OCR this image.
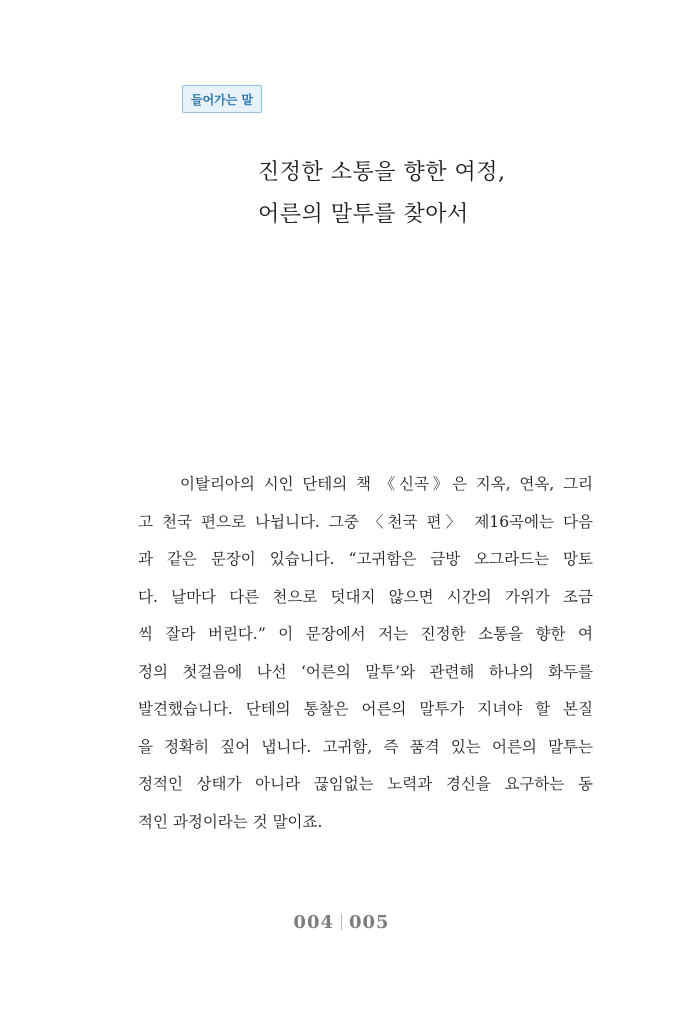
들어가는 말
진정한 소통을 향한 여정,
어른의 말투를 찾아서
이탈리아의 시인 단테의 책 《신곡》은 지옥, 연옥, 그리
고 천국 편으로 나뉩니다. 그중 〈천국 편〉 제16곡에는 다음
과 같은 문장이 있습니다. “고귀함은 금방 오그라드는 망토
다. 날마다 다른 천으로 덧대지 않으면 시간의 가위가 조금
씩 잘라 버린다.” 이 문장에서 저는 진정한 소통을 향한 여
정의 첫걸음에 나선 ‘어른의 말투’와 관련해 하나의 화두를
발견했습니다. 단테의 통찰은 어른의 말투가 지녀야 할 본질
을 정확히 짚어 냅니다. 고귀함, 즉 품격 있는 어른의 말투는
정적인 상태가 아니라 끊임없는 노력과 경신을 요구하는 동
적인 과정이라는 것 말이죠.
004 005
